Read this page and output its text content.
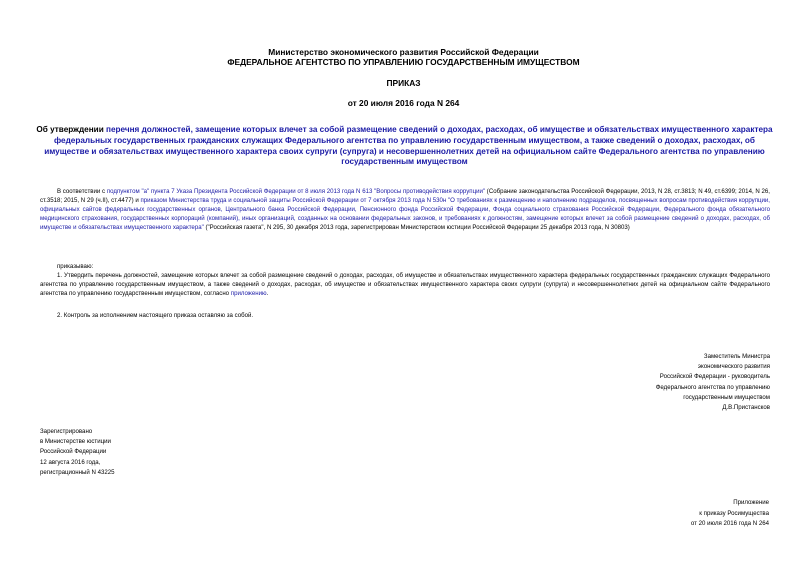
Министерство экономического развития Российской Федерации
ФЕДЕРАЛЬНОЕ АГЕНТСТВО ПО УПРАВЛЕНИЮ ГОСУДАРСТВЕННЫМ ИМУЩЕСТВОМ
ПРИКАЗ
от 20 июля 2016 года N 264
Об утверждении перечня должностей, замещение которых влечет за собой размещение сведений о доходах, расходах, об имуществе и обязательствах имущественного характера федеральных государственных гражданских служащих Федерального агентства по управлению государственным имуществом, а также сведений о доходах, расходах, об имуществе и обязательствах имущественного характера своих супруги (супруга) и несовершеннолетних детей на официальном сайте Федерального агентства по управлению государственным имуществом
В соответствии с подпунктом "а" пункта 7 Указа Президента Российской Федерации от 8 июля 2013 года N 613 "Вопросы противодействия коррупции" (Собрание законодательства Российской Федерации, 2013, N 28, ст.3813; N 49, ст.6399; 2014, N 26, ст.3518; 2015, N 29 (ч.II), ст.4477) и приказом Министерства труда и социальной защиты Российской Федерации от 7 октября 2013 года N 530н "О требованиях к размещению и наполнению подразделов, посвященных вопросам противодействия коррупции, официальных сайтов федеральных государственных органов, Центрального банка Российской Федерации, Пенсионного фонда Российской Федерации, Фонда социального страхования Российской Федерации, Федерального фонда обязательного медицинского страхования, государственных корпораций (компаний), иных организаций, созданных на основании федеральных законов, и требованиях к должностям, замещение которых влечет за собой размещение сведений о доходах, расходах, об имуществе и обязательствах имущественного характера" ("Российская газета", N 295, 30 декабря 2013 года, зарегистрирован Министерством юстиции Российской Федерации 25 декабря 2013 года, N 30803)
приказываю:
1. Утвердить перечень должностей, замещение которых влечет за собой размещение сведений о доходах, расходах, об имуществе и обязательствах имущественного характера федеральных государственных гражданских служащих Федерального агентства по управлению государственным имуществом, а также сведений о доходах, расходах, об имуществе и обязательствах имущественного характера своих супруги (супруга) и несовершеннолетних детей на официальном сайте Федерального агентства по управлению государственным имуществом, согласно приложению.
2. Контроль за исполнением настоящего приказа оставляю за собой.
Заместитель Министра
экономического развития
Российской Федерации - руководитель
Федерального агентства по управлению
государственным имуществом
Д.В.Пристансков
Зарегистрировано
в Министерстве юстиции
Российской Федерации
12 августа 2016 года,
регистрационный N 43225
Приложение
к приказу Росимущества
от 20 июля 2016 года N 264
